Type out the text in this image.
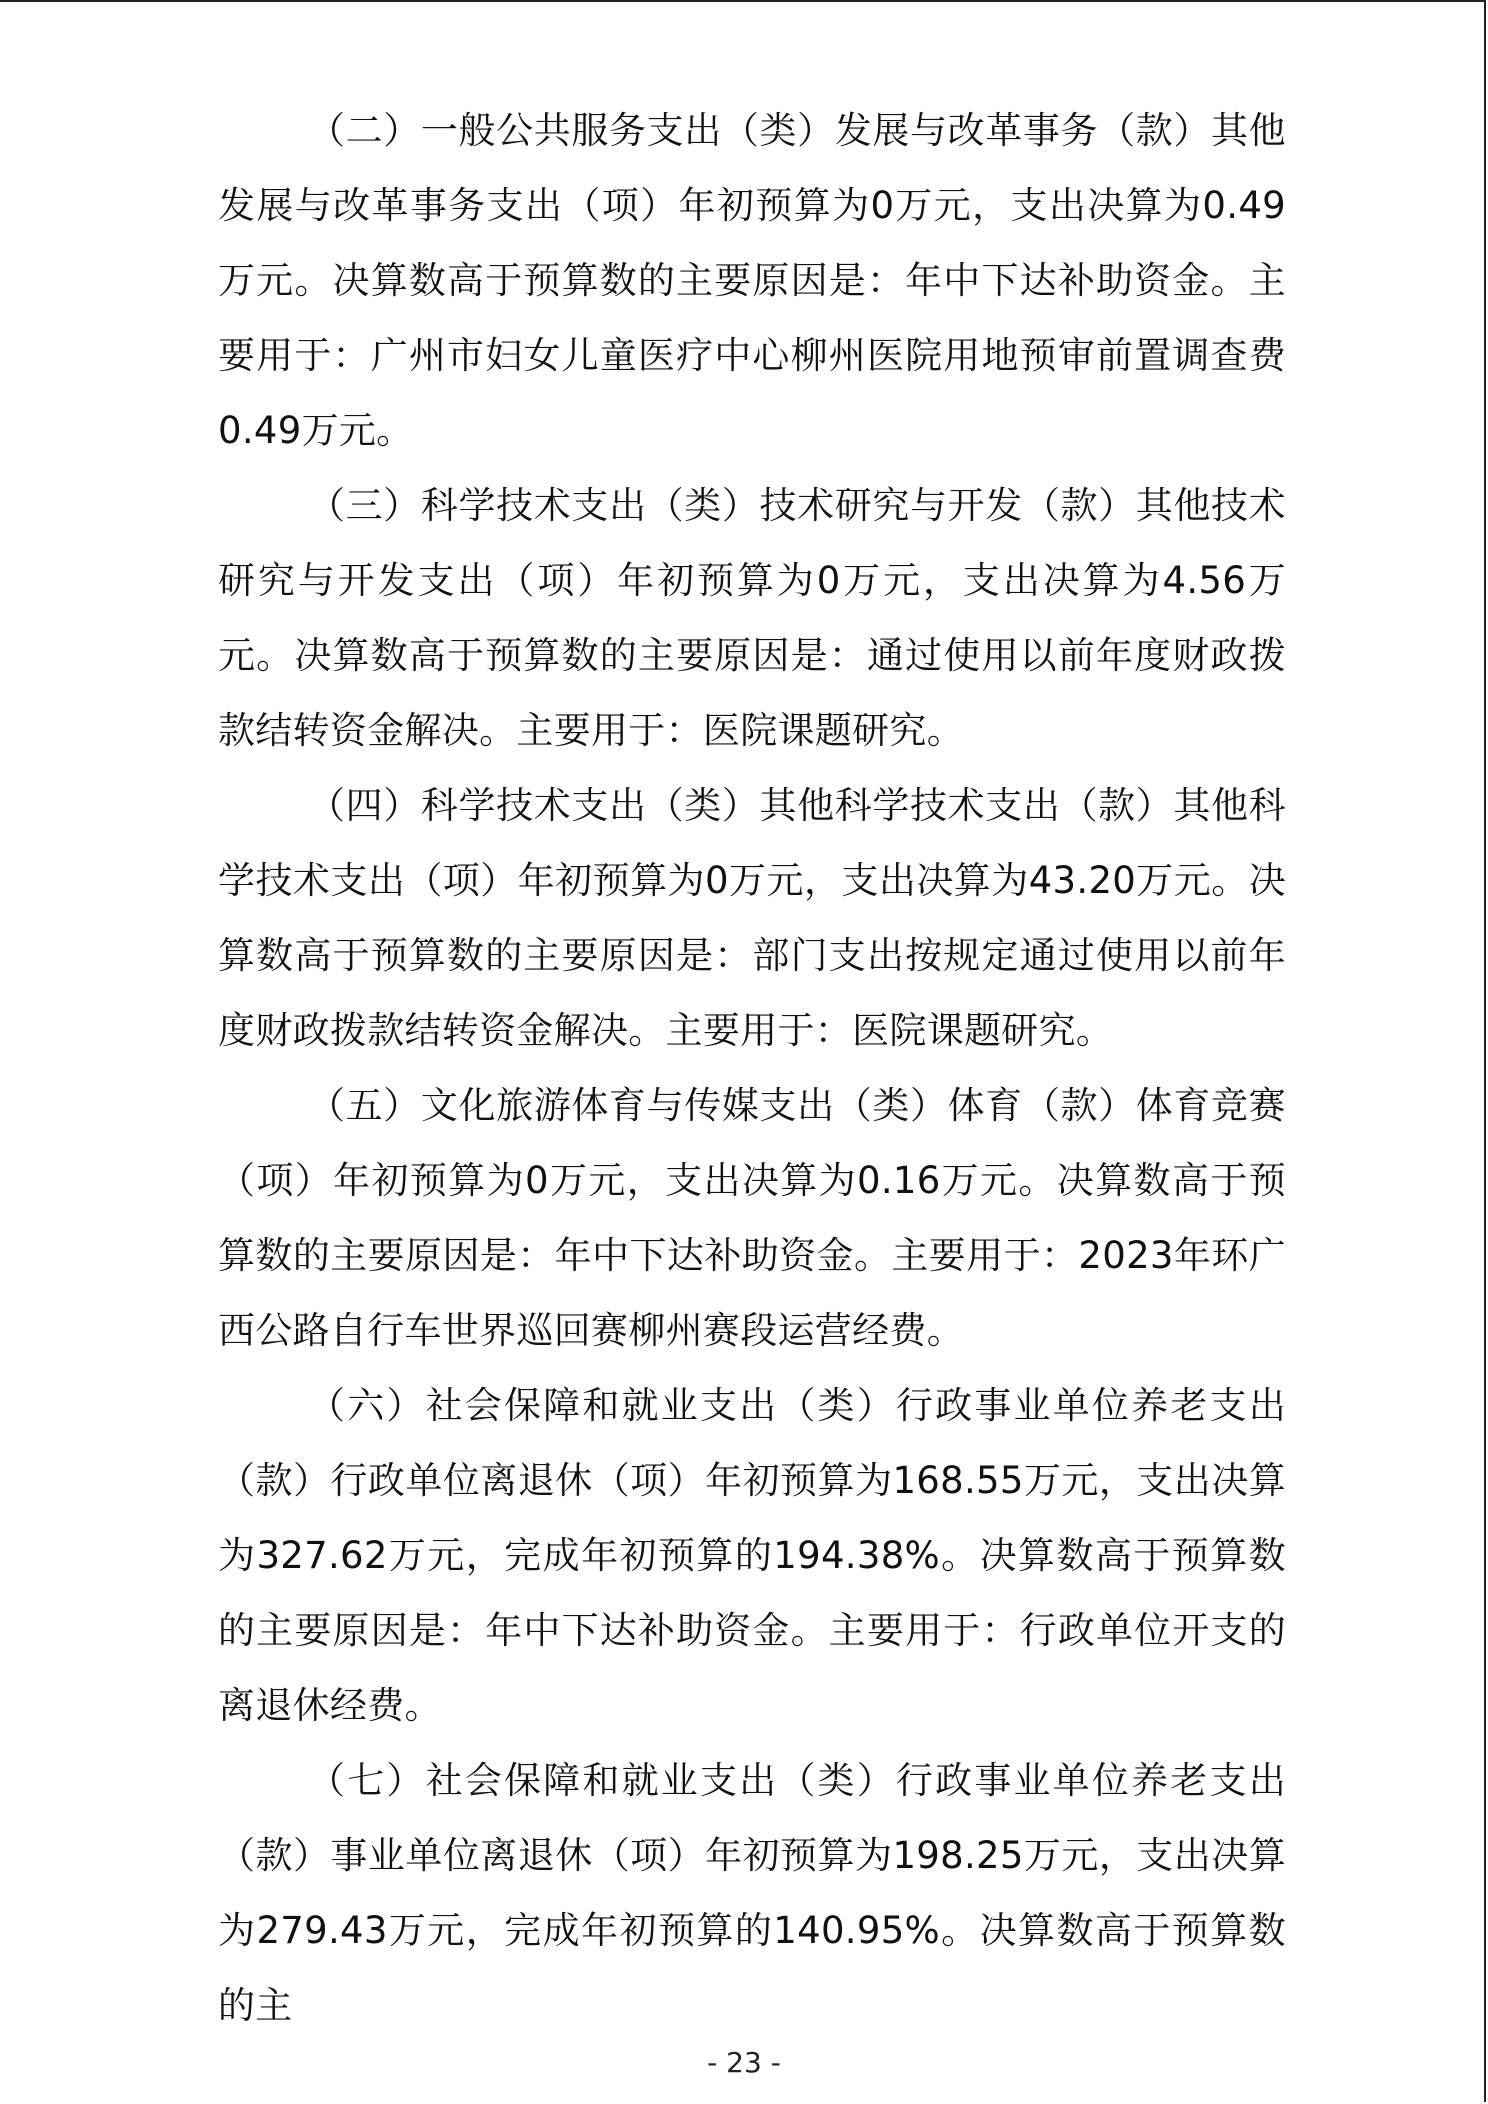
（二）一般公共服务支出（类）发展与改革事务（款）其他发展与改革事务支出（项）年初预算为0万元，支出决算为0.49万元。决算数高于预算数的主要原因是：年中下达补助资金。主要用于：广州市妇女儿童医疗中心柳州医院用地预审前置调查费0.49万元。

（三）科学技术支出（类）技术研究与开发（款）其他技术研究与开发支出（项）年初预算为0万元，支出决算为4.56万元。决算数高于预算数的主要原因是：通过使用以前年度财政拨款结转资金解决。主要用于：医院课题研究。

（四）科学技术支出（类）其他科学技术支出（款）其他科学技术支出（项）年初预算为0万元，支出决算为43.20万元。决算数高于预算数的主要原因是：部门支出按规定通过使用以前年度财政拨款结转资金解决。主要用于：医院课题研究。

（五）文化旅游体育与传媒支出（类）体育（款）体育竞赛（项）年初预算为0万元，支出决算为0.16万元。决算数高于预算数的主要原因是：年中下达补助资金。主要用于：2023年环广西公路自行车世界巡回赛柳州赛段运营经费。

（六）社会保障和就业支出（类）行政事业单位养老支出（款）行政单位离退休（项）年初预算为168.55万元，支出决算为327.62万元，完成年初预算的194.38%。决算数高于预算数的主要原因是：年中下达补助资金。主要用于：行政单位开支的离退休经费。

（七）社会保障和就业支出（类）行政事业单位养老支出（款）事业单位离退休（项）年初预算为198.25万元，支出决算为279.43万元，完成年初预算的140.95%。决算数高于预算数的主

- 23 -
